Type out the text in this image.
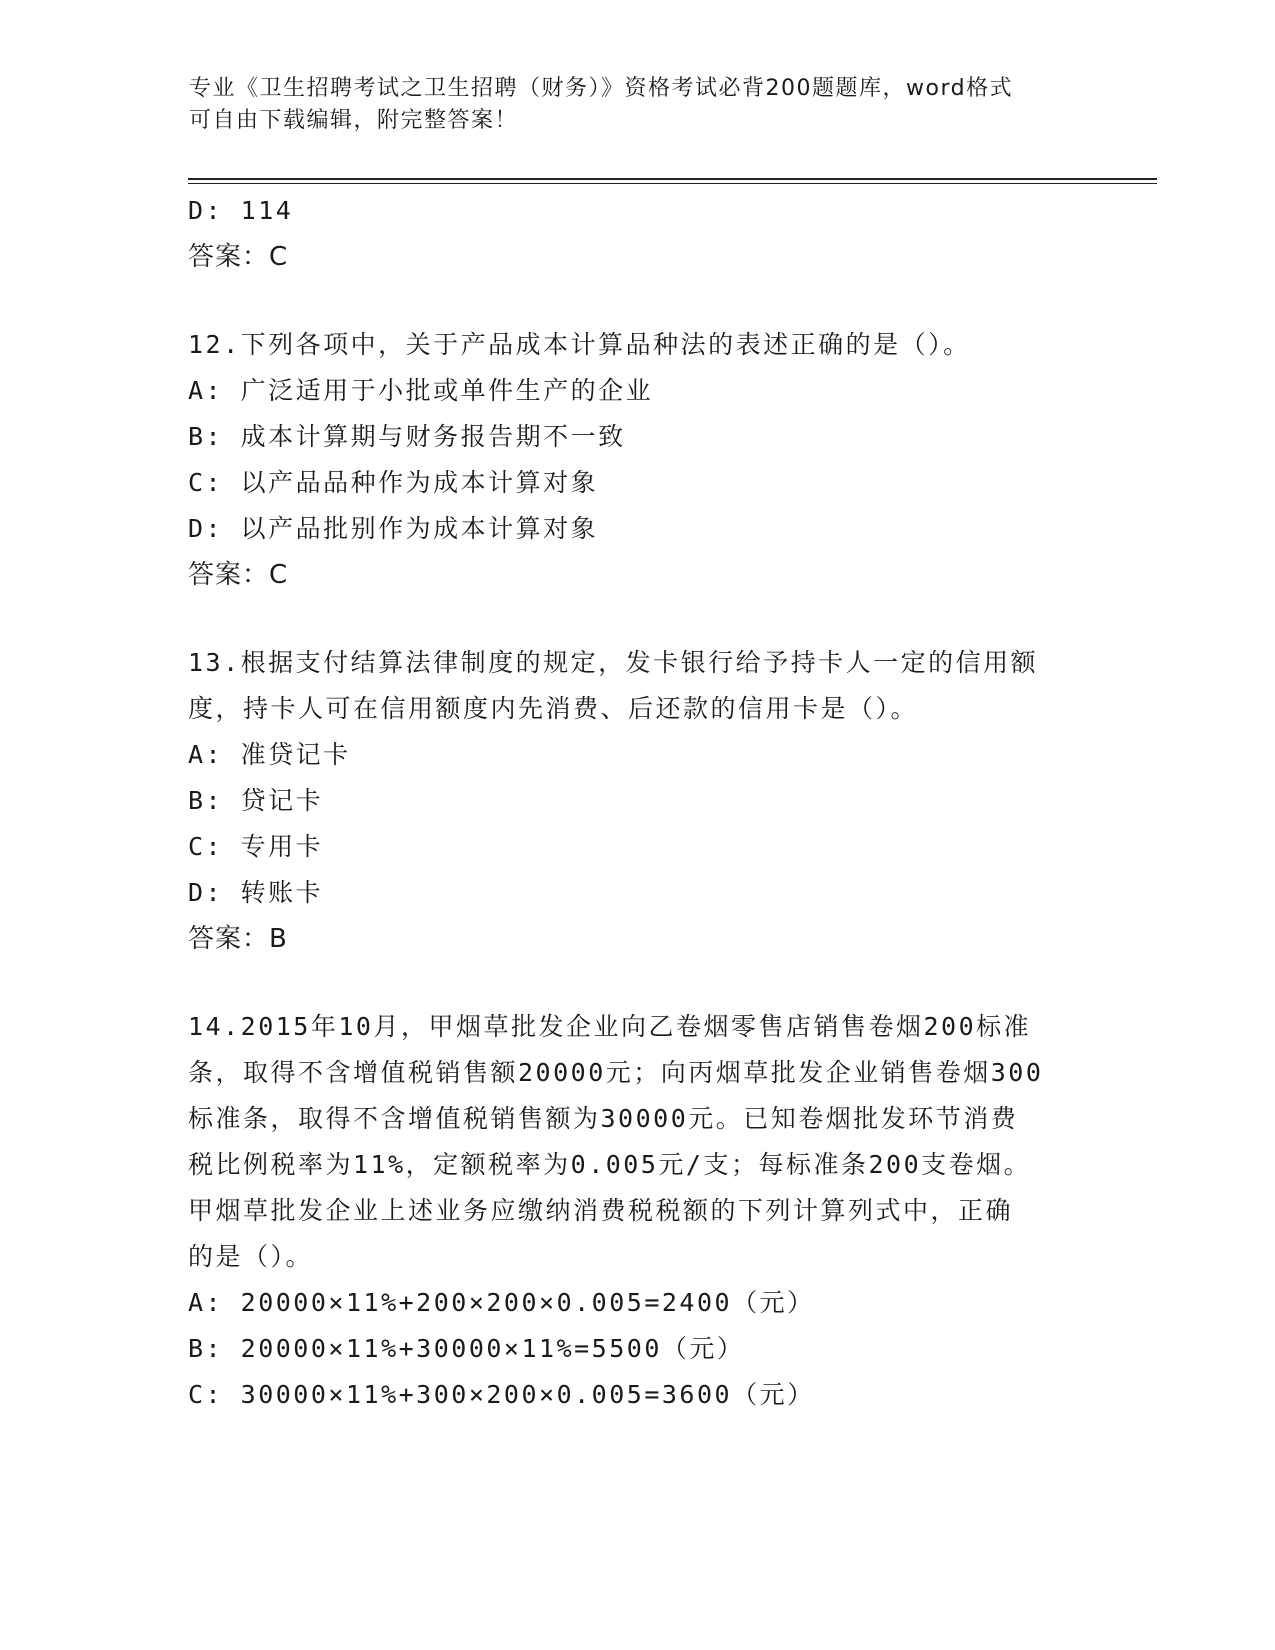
专业《卫生招聘考试之卫生招聘（财务）》资格考试必背200题题库，word格式
可自由下载编辑，附完整答案！
D: 114
答案：C
12.下列各项中，关于产品成本计算品种法的表述正确的是（）。
A: 广泛适用于小批或单件生产的企业
B: 成本计算期与财务报告期不一致
C: 以产品品种作为成本计算对象
D: 以产品批别作为成本计算对象
答案：C
13.根据支付结算法律制度的规定，发卡银行给予持卡人一定的信用额
度，持卡人可在信用额度内先消费、后还款的信用卡是（）。
A: 准贷记卡
B: 贷记卡
C: 专用卡
D: 转账卡
答案：B
14.2015年10月，甲烟草批发企业向乙卷烟零售店销售卷烟200标准
条，取得不含增值税销售额20000元；向丙烟草批发企业销售卷烟300
标准条，取得不含增值税销售额为30000元。已知卷烟批发环节消费
税比例税率为11%，定额税率为0.005元/支；每标准条200支卷烟。
甲烟草批发企业上述业务应缴纳消费税税额的下列计算列式中，正确
的是（）。
A: 20000×11%+200×200×0.005=2400（元）
B: 20000×11%+30000×11%=5500（元）
C: 30000×11%+300×200×0.005=3600（元）
